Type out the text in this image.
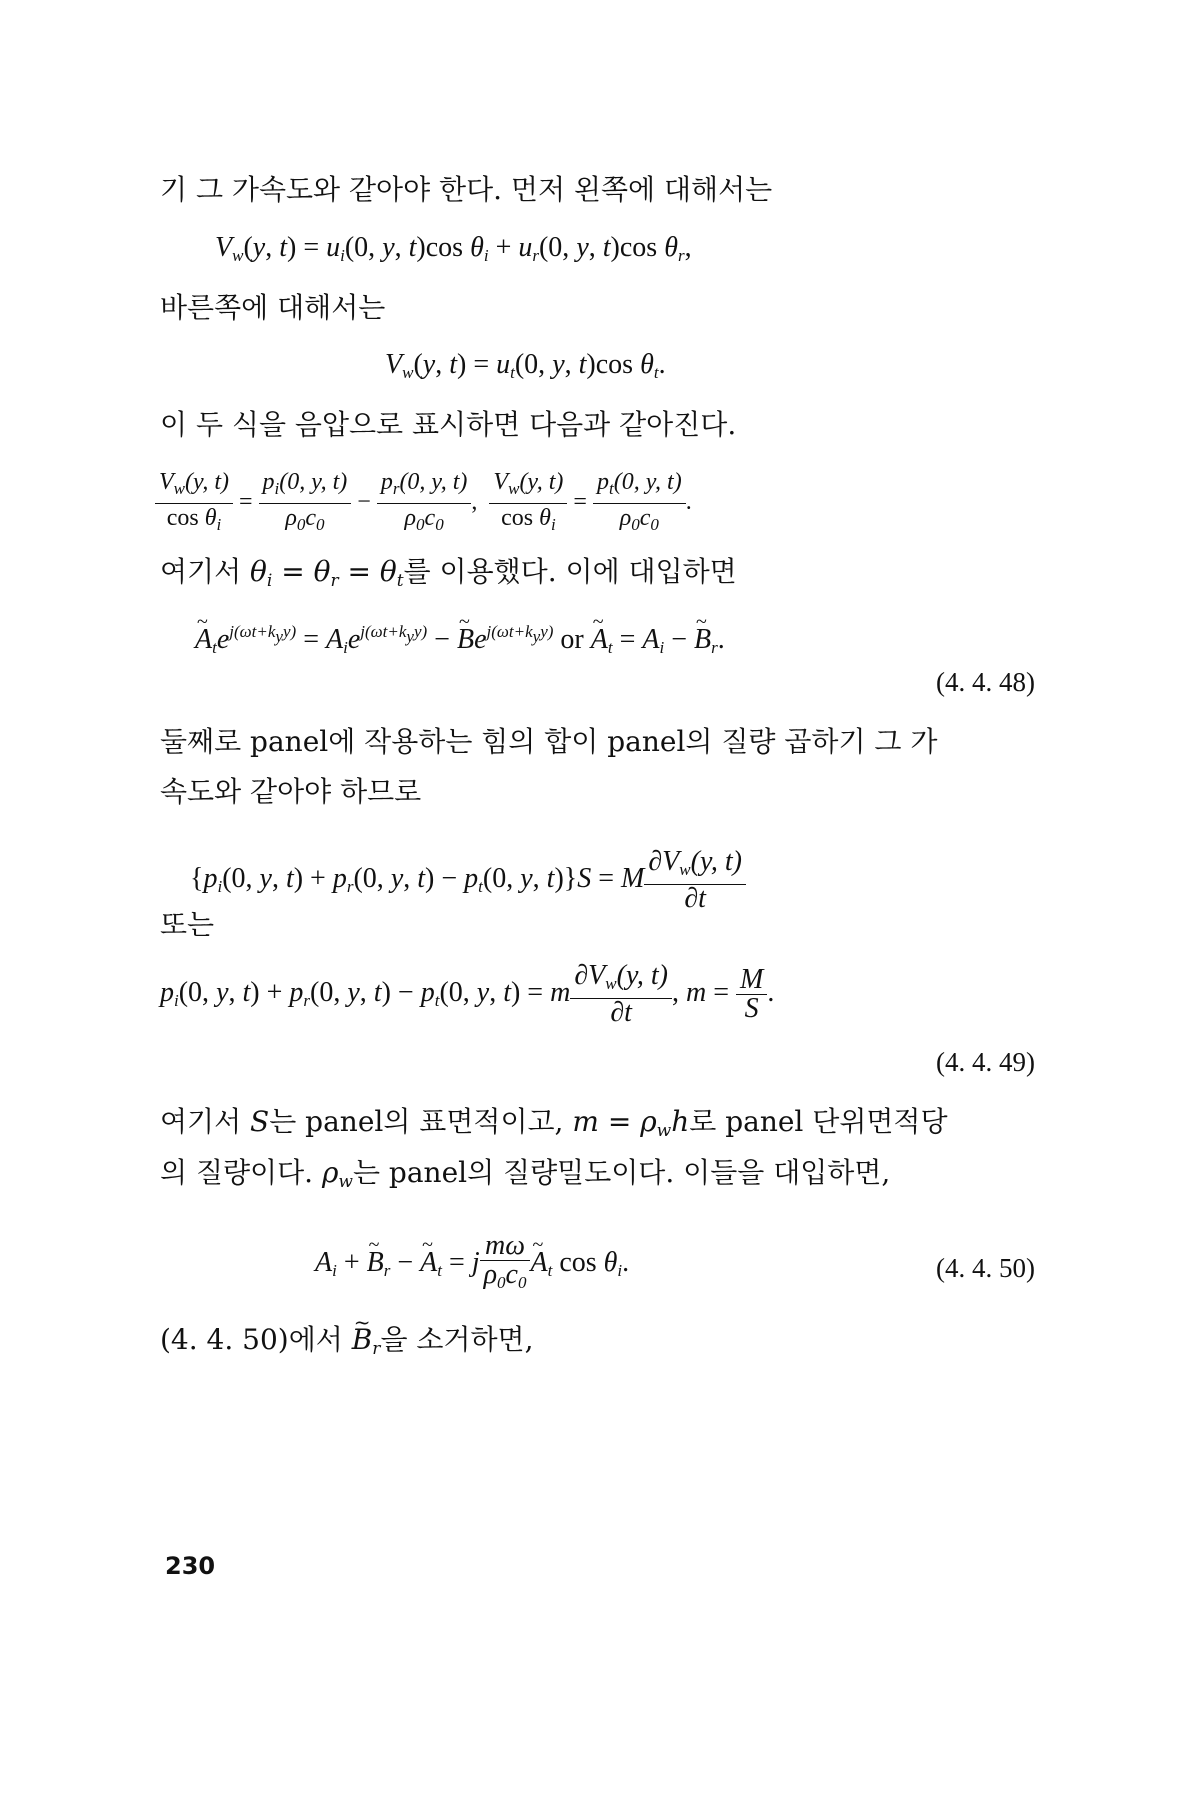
기 그 가속도와 같아야 한다. 먼저 왼쪽에 대해서는
$V_w(y$, $t) = u_i(0$, y, t)cos $\theta_i + u_r(0$, y, t)cos $\theta_r$,
바른쪽에 대해서는
$V_w(y$, $t) = u_t(0$, y, t)cos $\theta_t$.
이 두 식을 음압으로 표시하면 다음과 같아진다.
$\frac{V_w(y, t)}{\cos \theta_i} = \frac{p_i(0, y, t)}{\rho_0c_0} - \frac{p_r(0, y, t)}{\rho_0c_0}$ , $\frac{V_w(y, t)}{\cos \theta_i} = \frac{p_t(0, y, t)}{\rho_0c_0}$ .
여기서 $\theta_i = \theta_r = \theta_t$를 이용했다. 이에 대입하면
~ $A_te^{j(\omega t+k_yy)} = A_ie^{j(\omega t+k_yy)}$ − ~ $Be^{j(\omega t+k_yy)}$ or ~ $A_t = A_i$ − ~ $B_r$.
(4. 4. 48)
둘째로 panel에 작용하는 힘의 합이 panel의 질량 곱하기 그 가
속도와 같아야 하므로
{$p_i(0$, y, $t) + p_r(0$, y, $t) - p_t(0$, y, t)}S = M $\frac{\partial V_w(y, t)}{\partial t}$
또는
$p_i(0$, y, $t) + p_r(0$, y, $t) - p_t(0$, y, t) = m $\frac{\partial V_w(y, t)}{\partial t}$ , $m = \frac{M}{S}$ .
(4. 4. 49)
여기서 S는 panel의 표면적이고, $m = \rho_wh$로 panel 단위면적당
의 질량이다. $\rho_w$는 panel의 질량밀도이다. 이들을 대입하면,
$A_i$ + ~ $B_r$ − ~ $A_t = j \frac{m\omega}{\rho_0c_0}$
~ $A_t$ $\cos \theta_i$.	(4. 4. 50)
(4. 4. 50)에서 ~ $B_r$을 소거하면,
230
